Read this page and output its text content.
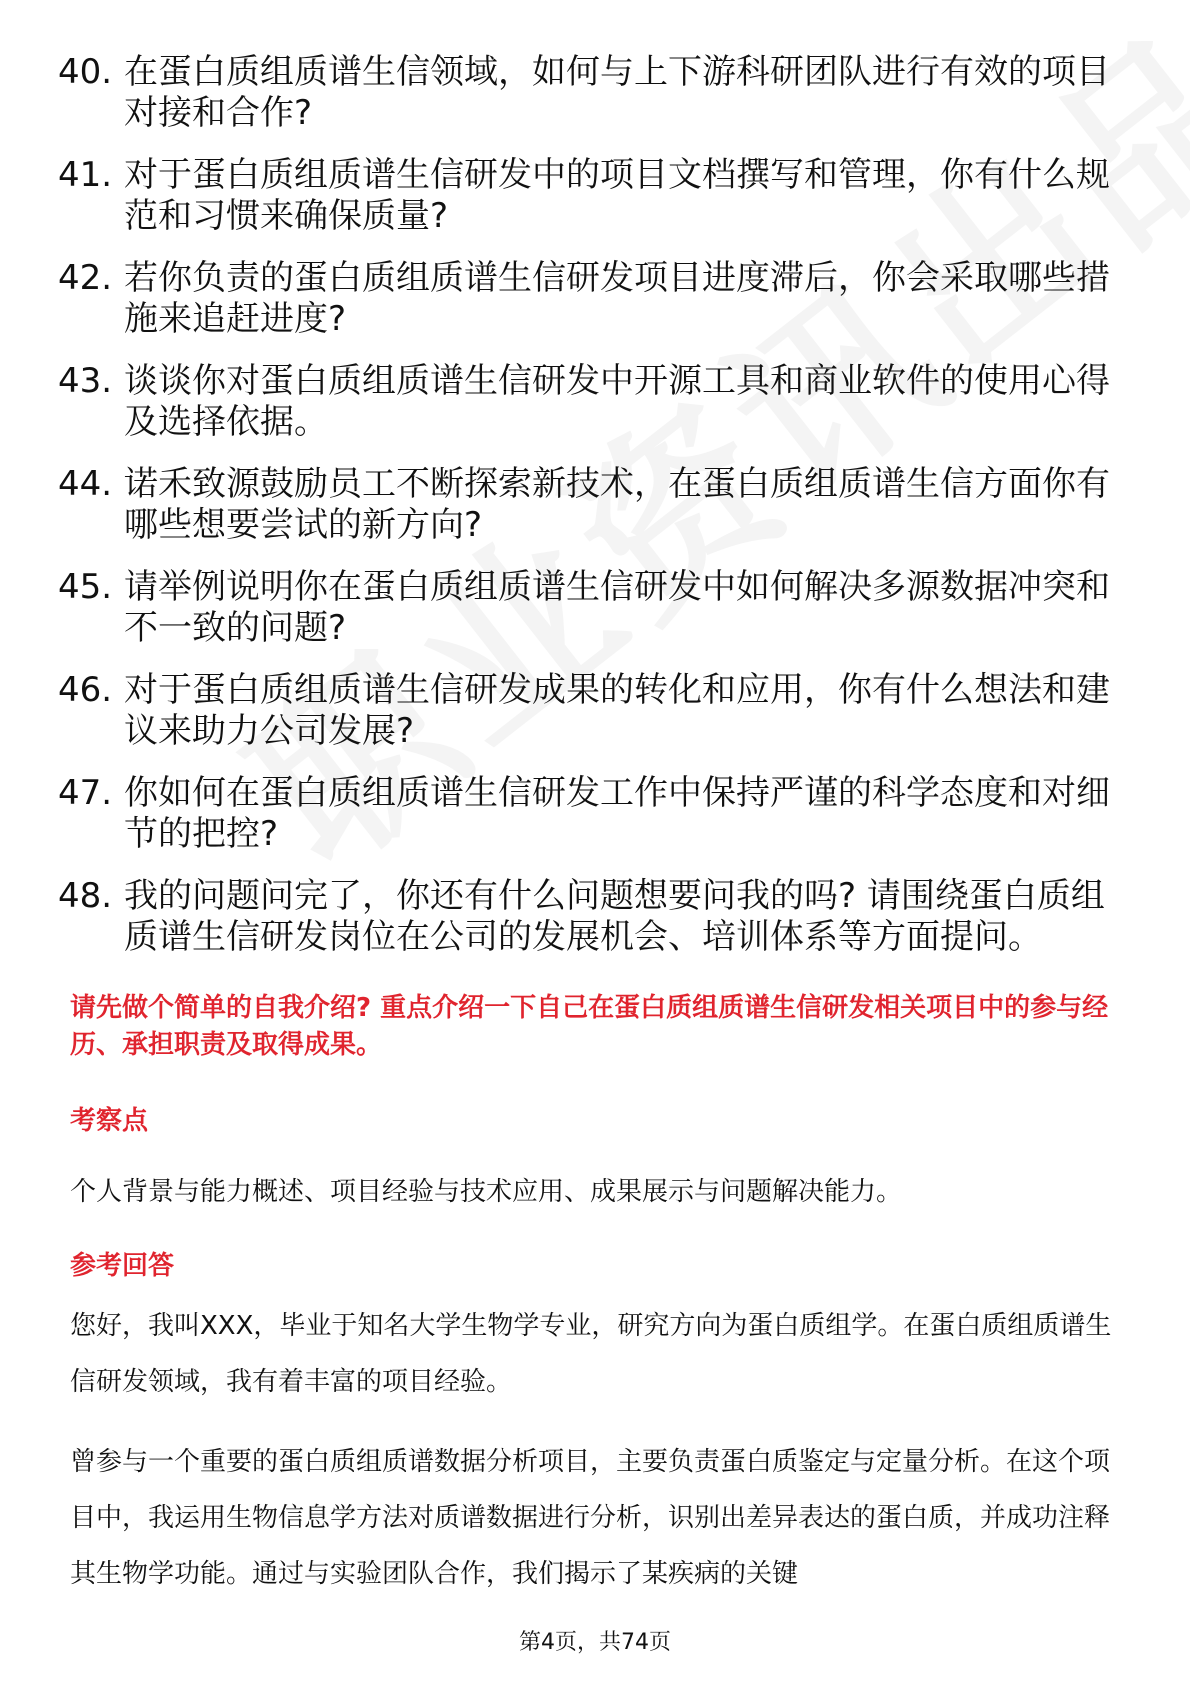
40. 在蛋白质组质谱生信领域，如何与上下游科研团队进行有效的项目对接和合作?
41. 对于蛋白质组质谱生信研发中的项目文档撰写和管理，你有什么规范和习惯来确保质量?
42. 若你负责的蛋白质组质谱生信研发项目进度滞后，你会采取哪些措施来追赶进度?
43. 谈谈你对蛋白质组质谱生信研发中开源工具和商业软件的使用心得及选择依据。
44. 诺禾致源鼓励员工不断探索新技术，在蛋白质组质谱生信方面你有哪些想要尝试的新方向?
45. 请举例说明你在蛋白质组质谱生信研发中如何解决多源数据冲突和不一致的问题?
46. 对于蛋白质组质谱生信研发成果的转化和应用，你有什么想法和建议来助力公司发展?
47. 你如何在蛋白质组质谱生信研发工作中保持严谨的科学态度和对细节的把控?
48. 我的问题问完了，你还有什么问题想要问我的吗? 请围绕蛋白质组质谱生信研发岗位在公司的发展机会、培训体系等方面提问。

请先做个简单的自我介绍? 重点介绍一下自己在蛋白质组质谱生信研发相关项目中的参与经历、承担职责及取得成果。

考察点

个人背景与能力概述、项目经验与技术应用、成果展示与问题解决能力。

参考回答

您好，我叫XXX，毕业于知名大学生物学专业，研究方向为蛋白质组学。在蛋白质组质谱生信研发领域，我有着丰富的项目经验。

曾参与一个重要的蛋白质组质谱数据分析项目，主要负责蛋白质鉴定与定量分析。在这个项目中，我运用生物信息学方法对质谱数据进行分析，识别出差异表达的蛋白质，并成功注释其生物学功能。通过与实验团队合作，我们揭示了某疾病的关键

第4页，共74页
